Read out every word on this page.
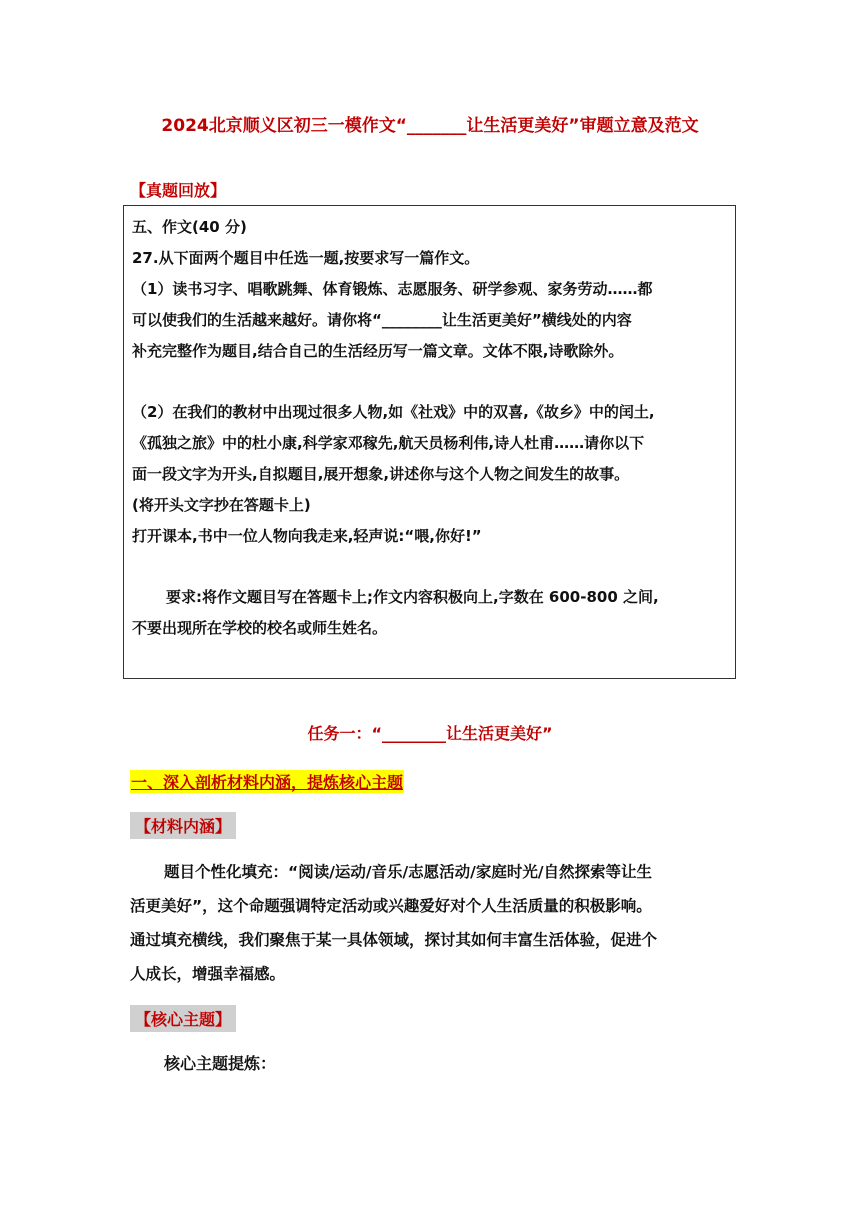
2024北京顺义区初三一模作文“_______让生活更美好”审题立意及范文
【真题回放】
五、作文(40 分)
27.从下面两个题目中任选一题,按要求写一篇作文。
（1）读书习字、唱歌跳舞、体育锻炼、志愿服务、研学参观、家务劳动……都
可以使我们的生活越来越好。请你将“________让生活更美好”横线处的内容
补充完整作为题目,结合自己的生活经历写一篇文章。文体不限,诗歌除外。
（2）在我们的教材中出现过很多人物,如《社戏》中的双喜,《故乡》中的闰土,
《孤独之旅》中的杜小康,科学家邓稼先,航天员杨利伟,诗人杜甫……请你以下
面一段文字为开头,自拟题目,展开想象,讲述你与这个人物之间发生的故事。
(将开头文字抄在答题卡上)
打开课本,书中一位人物向我走来,轻声说:“喂,你好!”
要求:将作文题目写在答题卡上;作文内容积极向上,字数在 600-800 之间,
不要出现所在学校的校名或师生姓名。
任务一：“________让生活更美好”
一、深入剖析材料内涵，提炼核心主题
【材料内涵】
题目个性化填充：“阅读/运动/音乐/志愿活动/家庭时光/自然探索等让生
活更美好”，这个命题强调特定活动或兴趣爱好对个人生活质量的积极影响。
通过填充横线，我们聚焦于某一具体领域，探讨其如何丰富生活体验，促进个
人成长，增强幸福感。
【核心主题】
核心主题提炼：
